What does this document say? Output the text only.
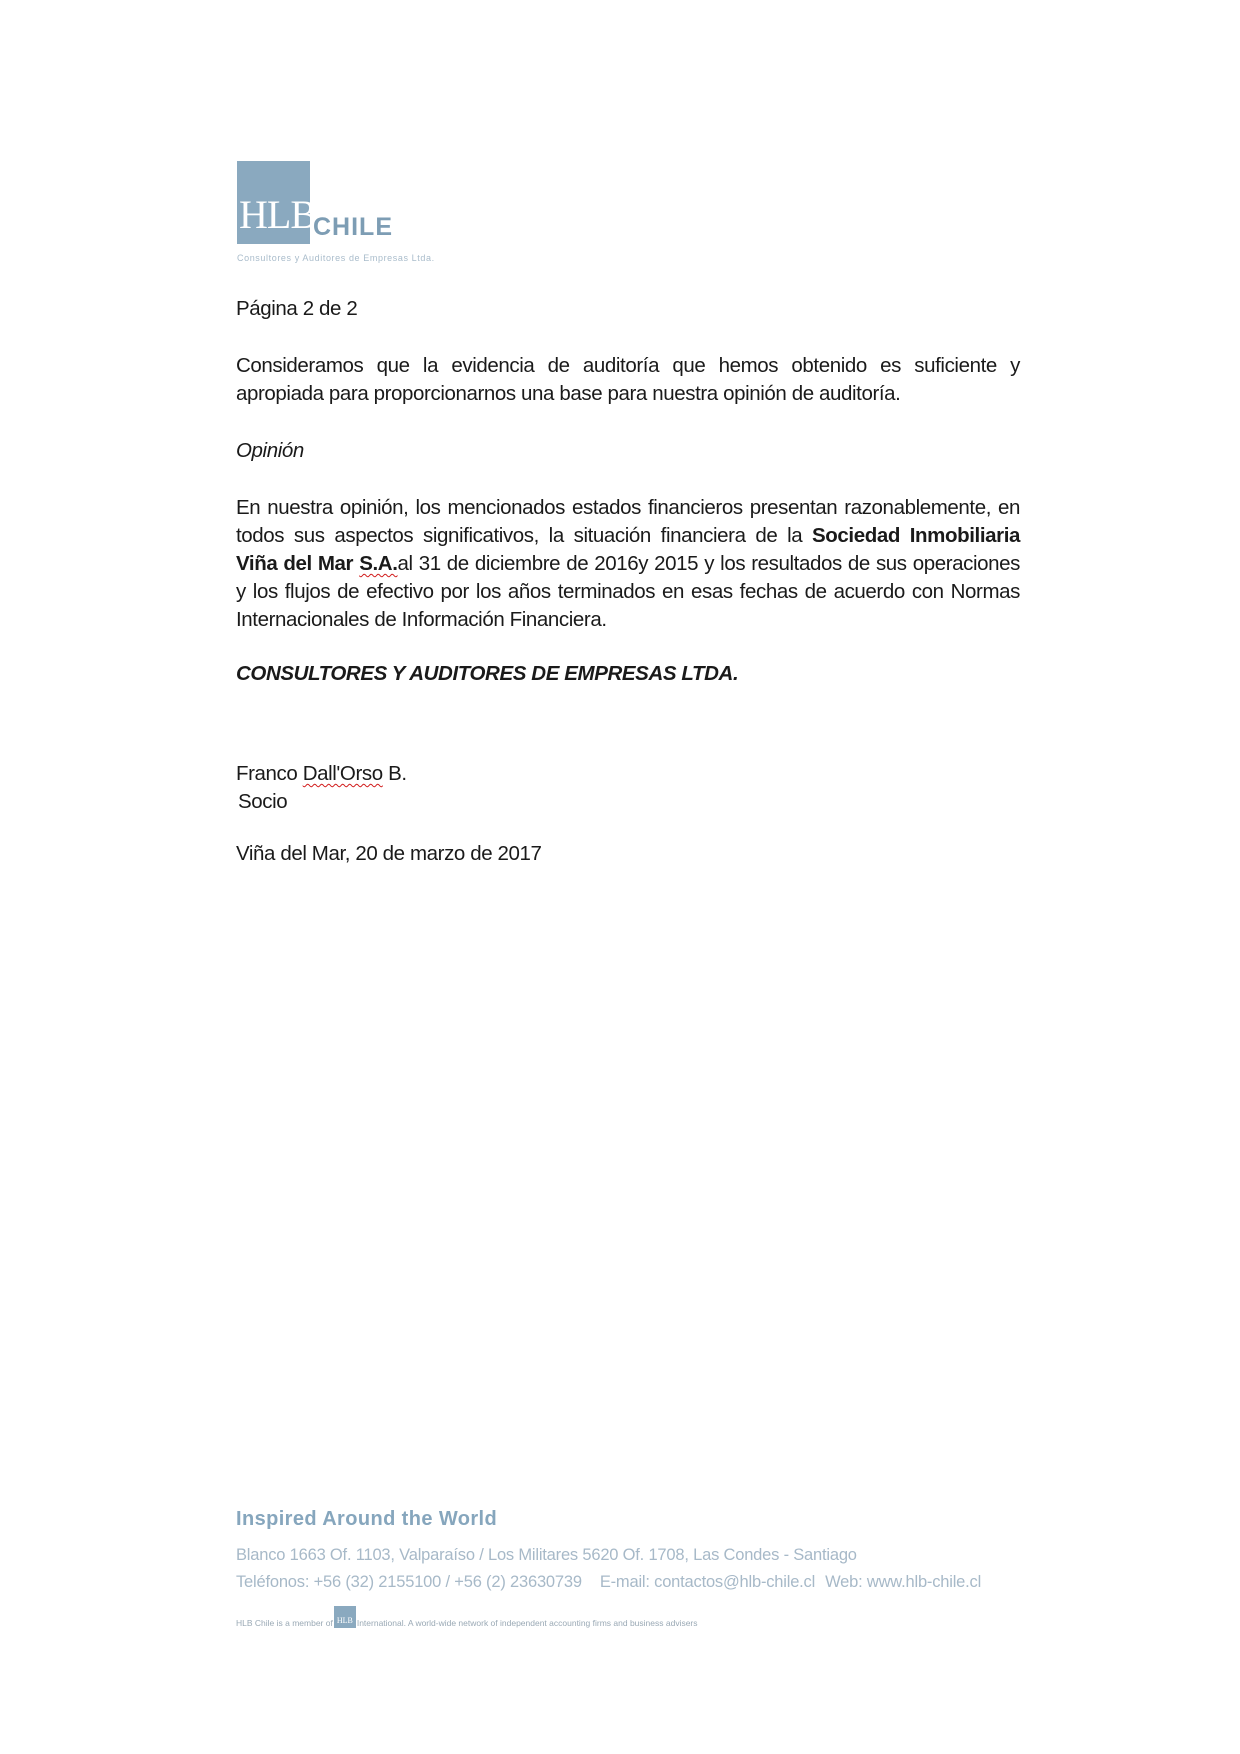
HLB
CHILE
Consultores y Auditores de Empresas Ltda.
Página 2 de 2
Consideramos que la evidencia de auditoría que hemos obtenido es suficiente y apropiada para proporcionarnos una base para nuestra opinión de auditoría.
Opinión
En nuestra opinión, los mencionados estados financieros presentan razonablemente, en todos sus aspectos significativos, la situación financiera de la Sociedad Inmobiliaria Viña del Mar S.A.al 31 de diciembre de 2016y 2015 y los resultados de sus operaciones y los flujos de efectivo por los años terminados en esas fechas de acuerdo con Normas Internacionales de Información Financiera.
CONSULTORES Y AUDITORES DE EMPRESAS LTDA.
Franco Dall'Orso B.
Socio
Viña del Mar, 20 de marzo de 2017
Inspired Around the World
Blanco 1663 Of. 1103, Valparaíso / Los Militares 5620 Of. 1708, Las Condes - Santiago
Teléfonos: +56 (32) 2155100 / +56 (2) 23630739 E-mail: contactos@hlb-chile.cl Web: www.hlb-chile.cl
HLB Chile is a member of HLB International. A world-wide network of independent accounting firms and business advisers
